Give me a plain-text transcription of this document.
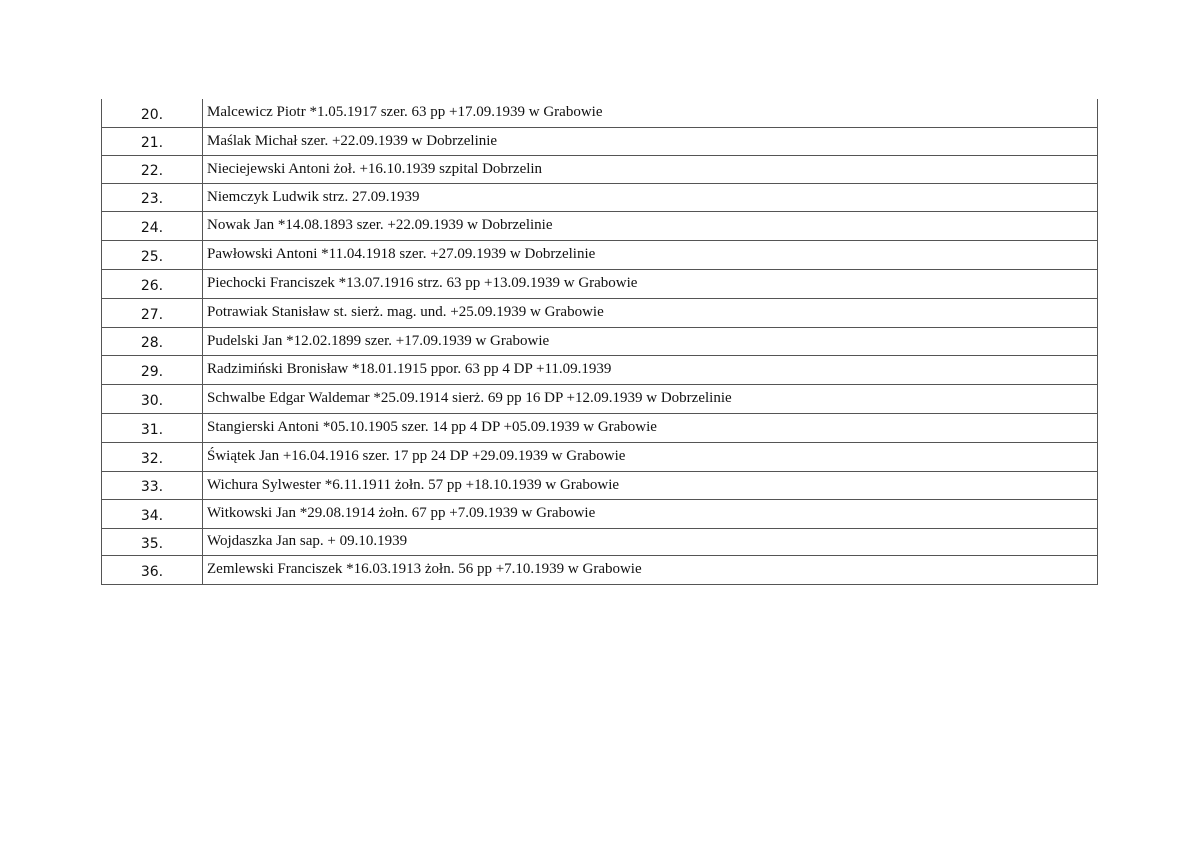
20.	Malcewicz Piotr *1.05.1917 szer. 63 pp +17.09.1939 w Grabowie
21.	Maślak Michał szer. +22.09.1939 w Dobrzelinie
22.	Nieciejewski Antoni żoł. +16.10.1939 szpital Dobrzelin
23.	Niemczyk Ludwik strz. 27.09.1939
24.	Nowak Jan *14.08.1893 szer. +22.09.1939 w Dobrzelinie
25.	Pawłowski Antoni *11.04.1918 szer. +27.09.1939 w Dobrzelinie
26.	Piechocki Franciszek *13.07.1916 strz. 63 pp +13.09.1939 w Grabowie
27.	Potrawiak Stanisław st. sierż. mag. und. +25.09.1939 w Grabowie
28.	Pudelski Jan *12.02.1899 szer. +17.09.1939 w Grabowie
29.	Radzimiński Bronisław *18.01.1915 ppor. 63 pp 4 DP +11.09.1939
30.	Schwalbe Edgar Waldemar *25.09.1914 sierż. 69 pp 16 DP +12.09.1939 w Dobrzelinie
31.	Stangierski Antoni *05.10.1905 szer. 14 pp 4 DP +05.09.1939 w Grabowie
32.	Świątek Jan +16.04.1916 szer. 17 pp 24 DP +29.09.1939 w Grabowie
33.	Wichura Sylwester *6.11.1911 żołn. 57 pp +18.10.1939 w Grabowie
34.	Witkowski Jan *29.08.1914 żołn. 67 pp +7.09.1939 w Grabowie
35.	Wojdaszka Jan sap. + 09.10.1939
36.	Zemlewski Franciszek *16.03.1913 żołn. 56 pp +7.10.1939 w Grabowie
